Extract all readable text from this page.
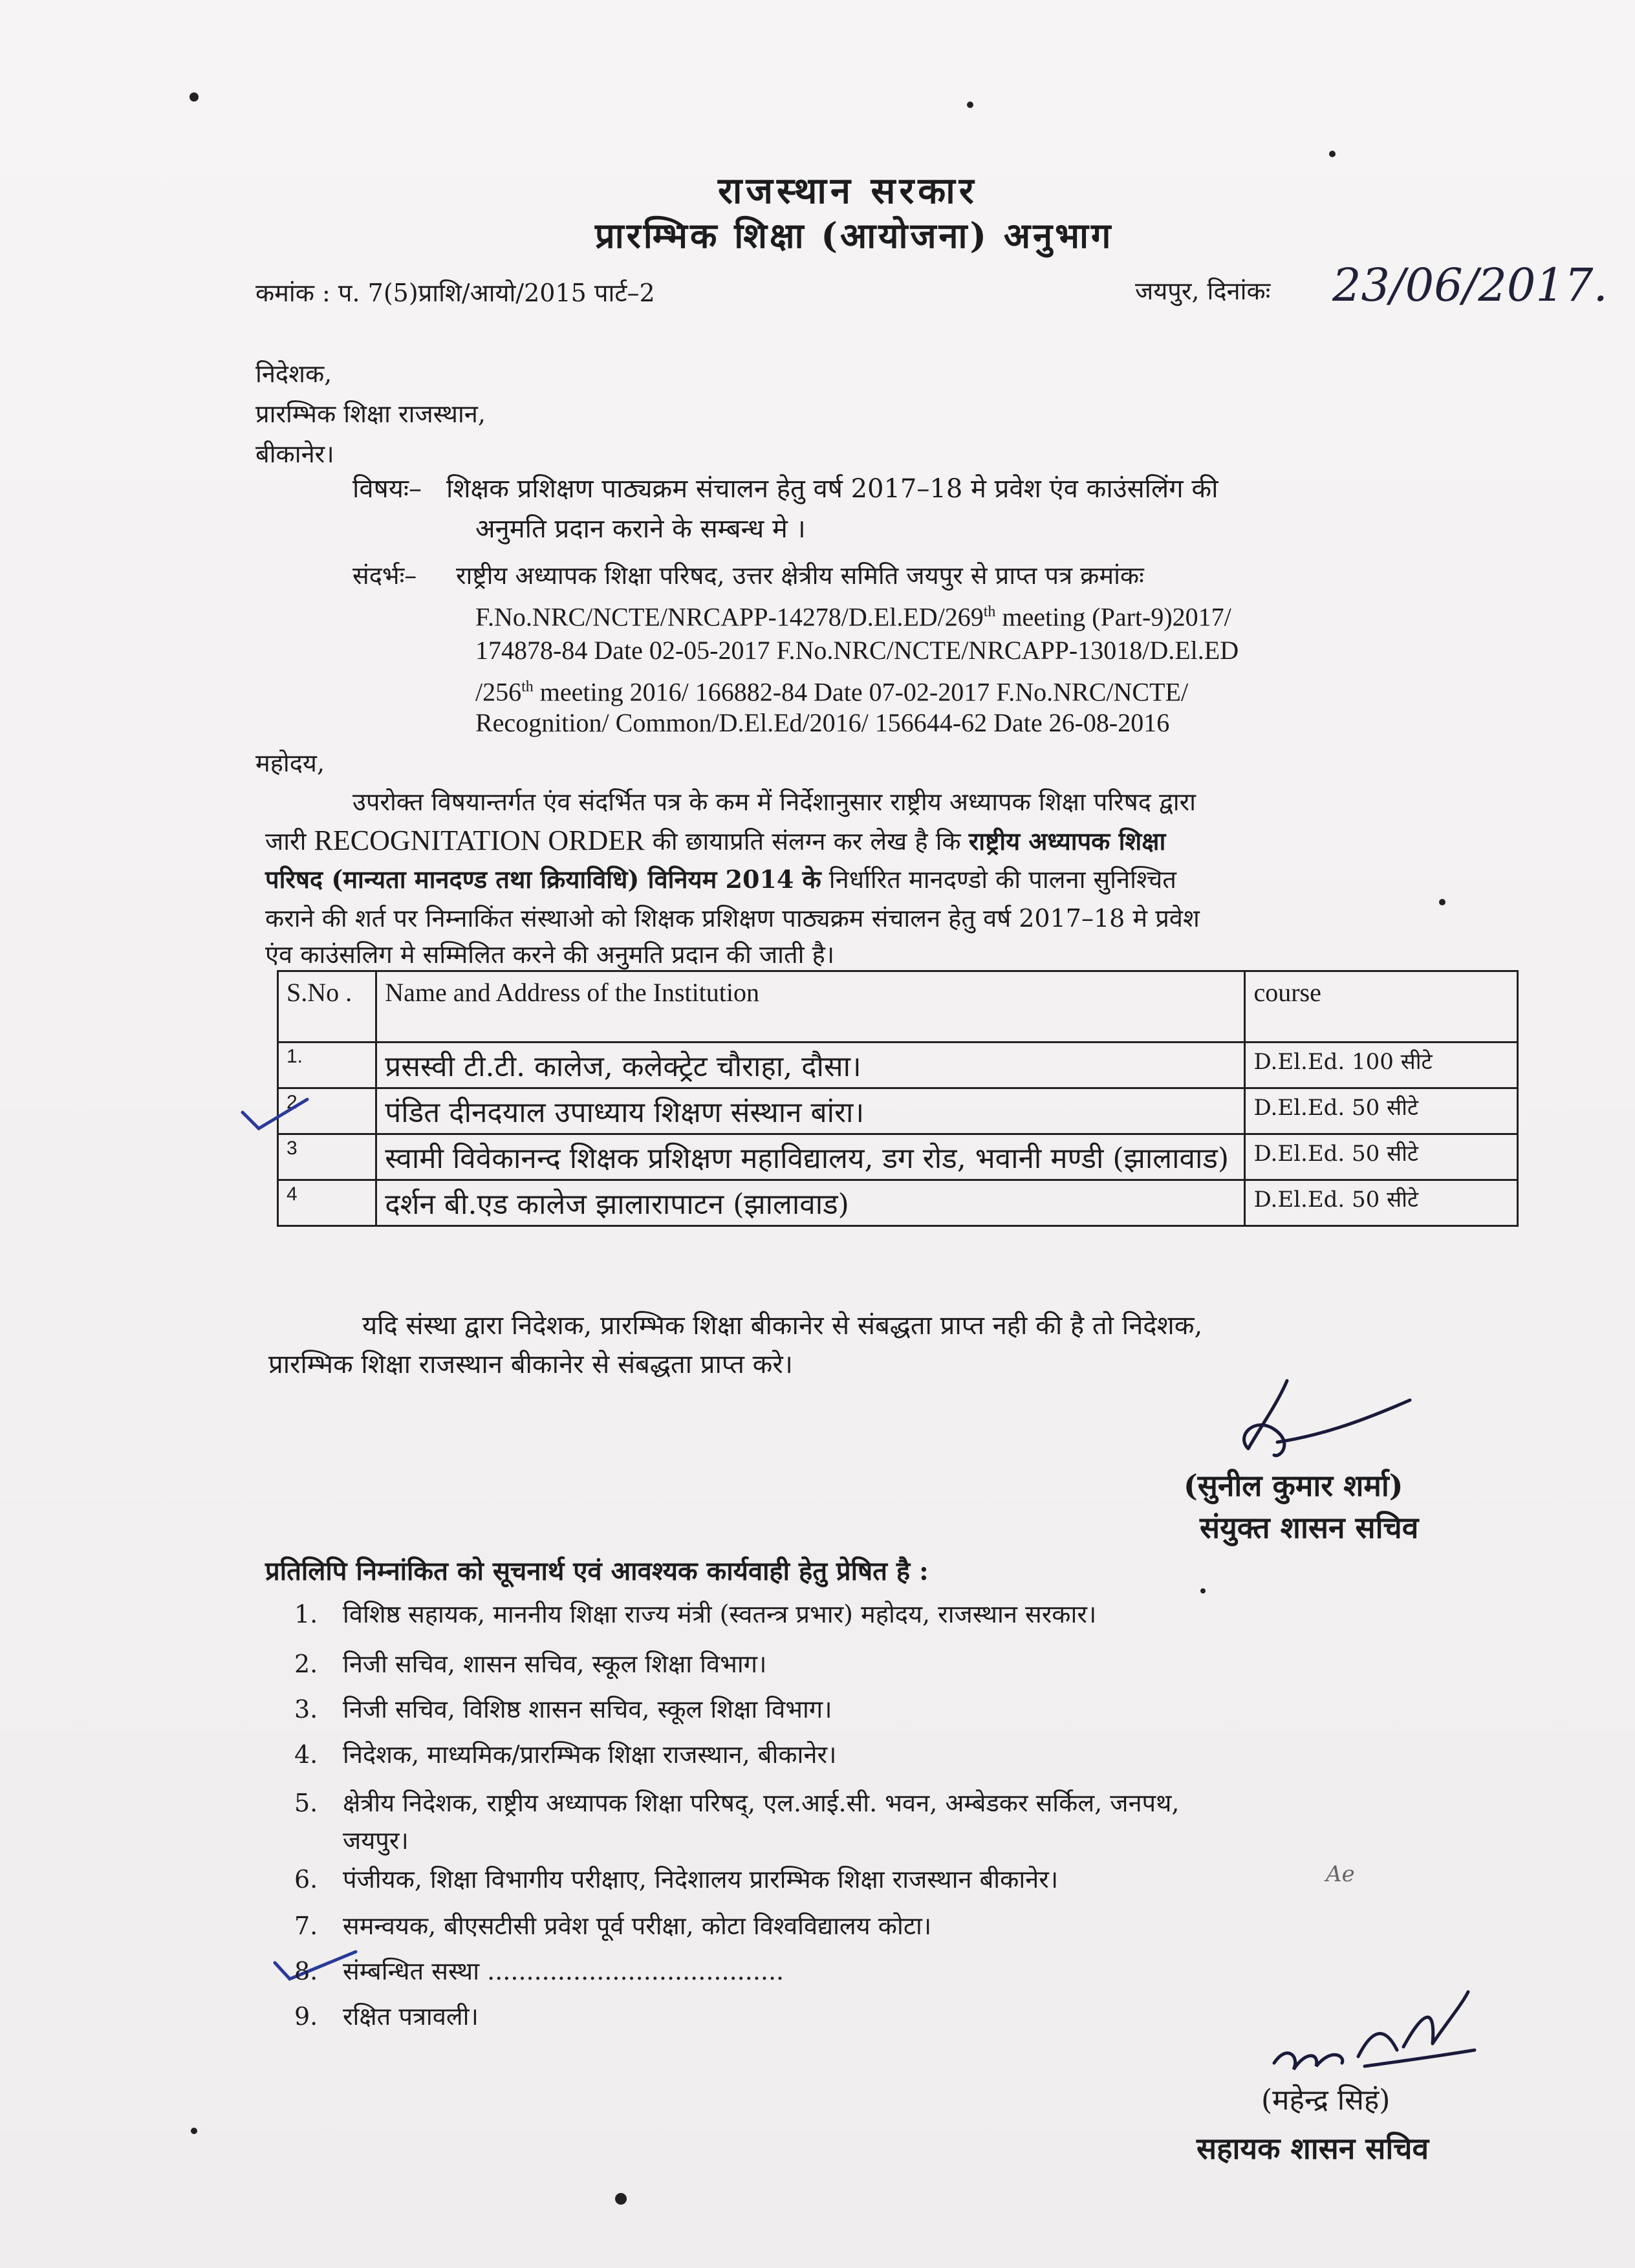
राजस्थान सरकार
प्रारम्भिक शिक्षा (आयोजना) अनुभाग
कमांक : प. 7(5)प्राशि/आयो/2015 पार्ट–2	जयपुर, दिनांकः 23/06/2017.
निदेशक,
प्रारम्भिक शिक्षा राजस्थान,
बीकानेर।
विषयः– शिक्षक प्रशिक्षण पाठ्यक्रम संचालन हेतु वर्ष 2017–18 मे प्रवेश एंव काउंसलिंग की
अनुमति प्रदान कराने के सम्बन्ध मे ।
संदर्भः– राष्ट्रीय अध्यापक शिक्षा परिषद, उत्तर क्षेत्रीय समिति जयपुर से प्राप्त पत्र क्रमांकः
F.No.NRC/NCTE/NRCAPP-14278/D.El.ED/269th meeting (Part-9)2017/
174878-84 Date 02-05-2017 F.No.NRC/NCTE/NRCAPP-13018/D.El.ED
/256th meeting 2016/ 166882-84 Date 07-02-2017 F.No.NRC/NCTE/
Recognition/ Common/D.El.Ed/2016/ 156644-62 Date 26-08-2016
महोदय,
उपरोक्त विषयान्तर्गत एंव संदर्भित पत्र के कम में निर्देशानुसार राष्ट्रीय अध्यापक शिक्षा परिषद द्वारा
जारी RECOGNITATION ORDER की छायाप्रति संलग्न कर लेख है कि राष्ट्रीय अध्यापक शिक्षा
परिषद (मान्यता मानदण्ड तथा क्रियाविधि) विनियम 2014 के निर्धारित मानदण्डो की पालना सुनिश्चित
कराने की शर्त पर निम्नाकिंत संस्थाओ को शिक्षक प्रशिक्षण पाठ्यक्रम संचालन हेतु वर्ष 2017–18 मे प्रवेश
एंव काउंसलिग मे सम्मिलित करने की अनुमति प्रदान की जाती है।
S.No .	Name and Address of the Institution	course
1.	प्रसस्वी टी.टी. कालेज, कलेक्ट्रेट चौराहा, दौसा।	D.El.Ed. 100 सीटे
2	पंडित दीनदयाल उपाध्याय शिक्षण संस्थान बांरा।	D.El.Ed. 50 सीटे
3	स्वामी विवेकानन्द शिक्षक प्रशिक्षण महाविद्यालय, डग रोड, भवानी मण्डी (झालावाड)	D.El.Ed. 50 सीटे
4	दर्शन बी.एड कालेज झालारापाटन (झालावाड)	D.El.Ed. 50 सीटे
यदि संस्था द्वारा निदेशक, प्रारम्भिक शिक्षा बीकानेर से संबद्धता प्राप्त नही की है तो निदेशक,
प्रारम्भिक शिक्षा राजस्थान बीकानेर से संबद्धता प्राप्त करे।
(सुनील कुमार शर्मा)
संयुक्त शासन सचिव
प्रतिलिपि निम्नांकित को सूचनार्थ एवं आवश्यक कार्यवाही हेतु प्रेषित है :
1. विशिष्ठ सहायक, माननीय शिक्षा राज्य मंत्री (स्वतन्त्र प्रभार) महोदय, राजस्थान सरकार।
2. निजी सचिव, शासन सचिव, स्कूल शिक्षा विभाग।
3. निजी सचिव, विशिष्ठ शासन सचिव, स्कूल शिक्षा विभाग।
4. निदेशक, माध्यमिक/प्रारम्भिक शिक्षा राजस्थान, बीकानेर।
5. क्षेत्रीय निदेशक, राष्ट्रीय अध्यापक शिक्षा परिषद्, एल.आई.सी. भवन, अम्बेडकर सर्किल, जनपथ,
जयपुर।
6. पंजीयक, शिक्षा विभागीय परीक्षाए, निदेशालय प्रारम्भिक शिक्षा राजस्थान बीकानेर।	Ae
7. समन्वयक, बीएसटीसी प्रवेश पूर्व परीक्षा, कोटा विश्वविद्यालय कोटा।
8. संम्बन्धित सस्था ......................................
9. रक्षित पत्रावली।
(महेन्द्र सिहं)
सहायक शासन सचिव
